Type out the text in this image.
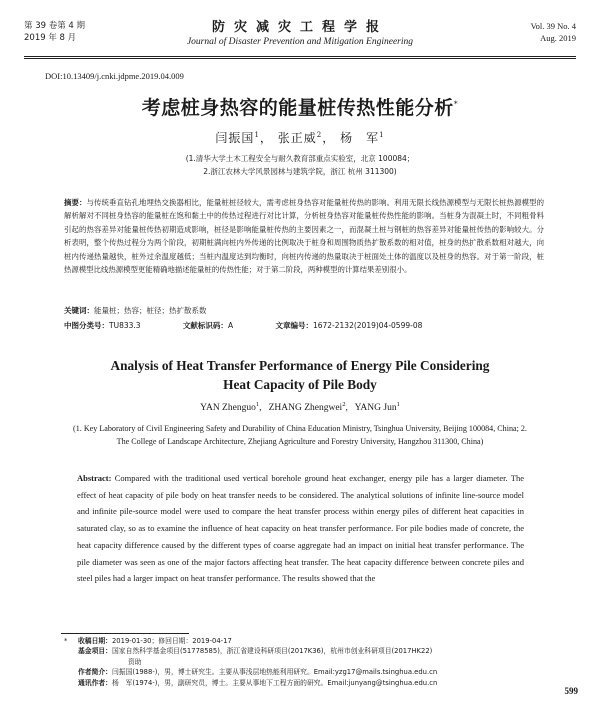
第 39 卷第 4 期
2019 年 8 月
防灾减灾工程学报
Journal of Disaster Prevention and Mitigation Engineering
Vol. 39 No. 4
Aug. 2019
DOI:10.13409/j.cnki.jdpme.2019.04.009
考虑桩身热容的能量桩传热性能分析*
闫振国$^1$， 张正威$^2$， 杨　军$^1$
(1.清华大学土木工程安全与耐久教育部重点实验室，北京 100084；
2.浙江农林大学风景园林与建筑学院，浙江 杭州 311300)
摘要：与传统垂直钻孔地埋热交换器相比，能量桩桩径较大，需考虑桩身热容对能量桩传热的影响。利用无限长线热源模型与无限长桩热源模型的解析解对不同桩身热容的能量桩在饱和黏土中的传热过程进行对比计算，分析桩身热容对能量桩传热性能的影响。当桩身为混凝土时，不同粗骨料引起的热容差异对能量桩传热初期造成影响，桩径是影响能量桩传热的主要因素之一，而混凝土桩与钢桩的热容差异对能量桩传热的影响较大。分析表明，整个传热过程分为两个阶段，初期桩满向桩内外传递的比例取决于桩身和周围物质热扩散系数的相对值，桩身的热扩散系数相对越大，向桩内传递热量越快，桩外过余温度越低；当桩内温度达到均衡时，向桩内传递的热量取决于桩面处土体的温度以及桩身的热容。对于第一阶段，桩热源模型比线热源模型更能精确地描述能量桩的传热性能；对于第二阶段，两种模型的计算结果差别很小。
关键词：能量桩；热容；桩径；热扩散系数
中图分类号：TU833.3	文献标识码：A	文章编号：1672-2132(2019)04-0599-08
Analysis of Heat Transfer Performance of Energy Pile Considering
Heat Capacity of Pile Body
YAN Zhenguo$^1$,   ZHANG Zhengwei$^2$,   YANG Jun$^1$
(1. Key Laboratory of Civil Engineering Safety and Durability of China Education Ministry, Tsinghua University, Beijing 100084, China; 2. The College of Landscape Architecture, Zhejiang Agriculture and Forestry University, Hangzhou 311300, China)
Abstract: Compared with the traditional used vertical borehole ground heat exchanger, energy pile has a larger diameter. The effect of heat capacity of pile body on heat transfer needs to be considered. The analytical solutions of infinite line-source model and infinite pile-source model were used to compare the heat transfer process within energy piles of different heat capacities in saturated clay, so as to examine the influence of heat capacity on heat transfer performance. For pile bodies made of concrete, the heat capacity difference caused by the different types of coarse aggregate had an impact on initial heat transfer performance. The pile diameter was seen as one of the major factors affecting heat transfer. The heat capacity difference between concrete piles and steel piles had a larger impact on heat transfer performance. The results showed that the
*	收稿日期： 2019-01-30；修回日期：2019-04-17
基金项目： 国家自然科学基金项目(51778585)，浙江省建设科研项目(2017K36)，杭州市创业科研项目(2017HK22)
资助
作者简介： 闫振国(1988-)，男，博士研究生。主要从事浅层地热能利用研究。Email:yzg17@mails.tsinghua.edu.cn
通讯作者： 杨　军(1974-)，男，副研究员，博士。主要从事地下工程方面的研究。Email:junyang@tsinghua.edu.cn
599
